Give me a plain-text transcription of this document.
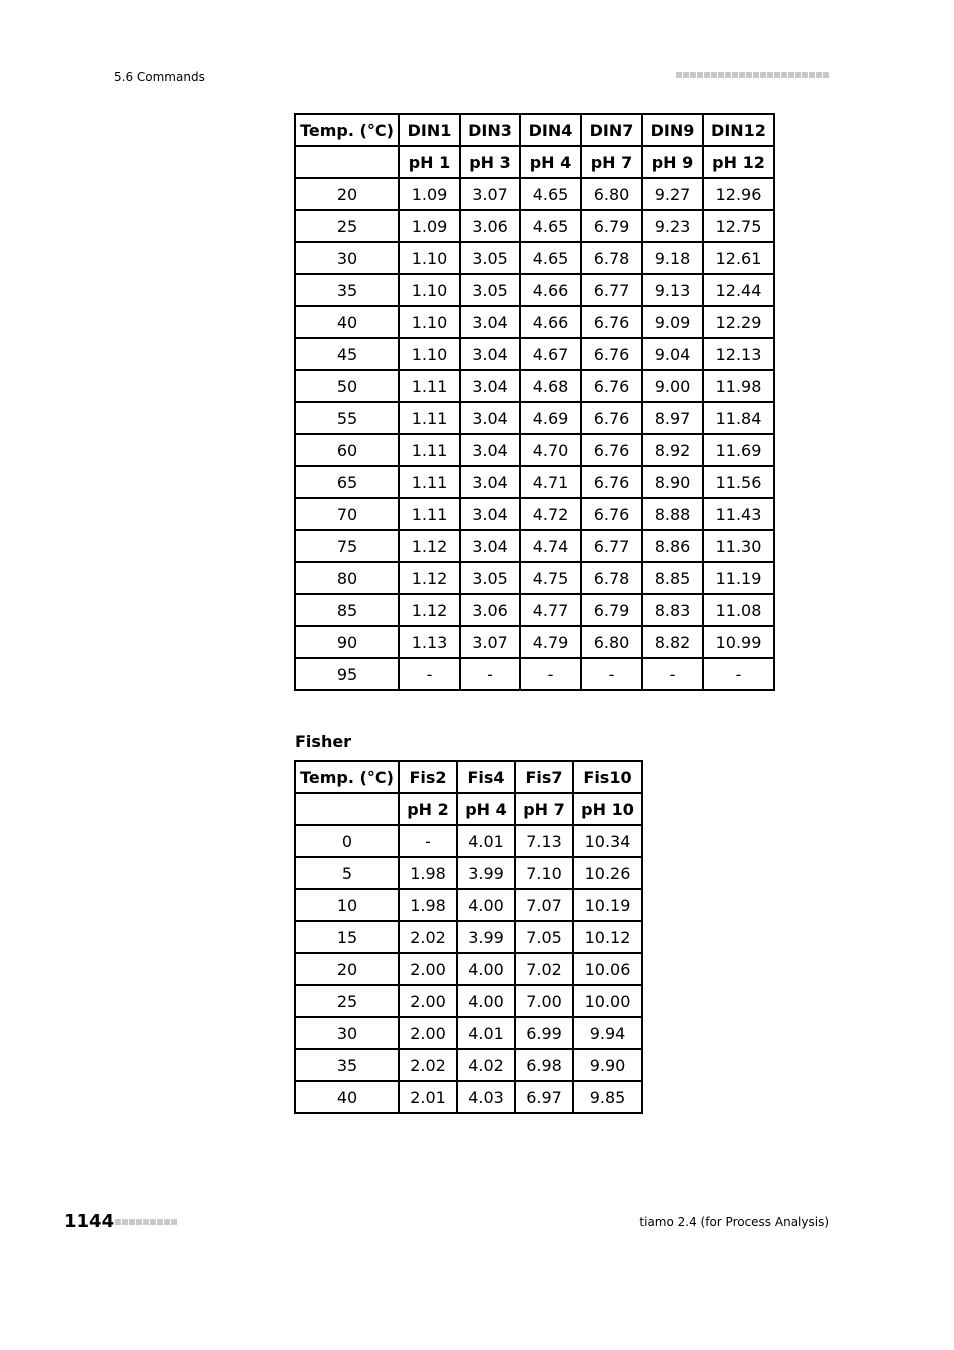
5.6 Commands
Temp. (°C)	DIN1	DIN3	DIN4	DIN7	DIN9	DIN12
	pH 1	pH 3	pH 4	pH 7	pH 9	pH 12
20	1.09	3.07	4.65	6.80	9.27	12.96
25	1.09	3.06	4.65	6.79	9.23	12.75
30	1.10	3.05	4.65	6.78	9.18	12.61
35	1.10	3.05	4.66	6.77	9.13	12.44
40	1.10	3.04	4.66	6.76	9.09	12.29
45	1.10	3.04	4.67	6.76	9.04	12.13
50	1.11	3.04	4.68	6.76	9.00	11.98
55	1.11	3.04	4.69	6.76	8.97	11.84
60	1.11	3.04	4.70	6.76	8.92	11.69
65	1.11	3.04	4.71	6.76	8.90	11.56
70	1.11	3.04	4.72	6.76	8.88	11.43
75	1.12	3.04	4.74	6.77	8.86	11.30
80	1.12	3.05	4.75	6.78	8.85	11.19
85	1.12	3.06	4.77	6.79	8.83	11.08
90	1.13	3.07	4.79	6.80	8.82	10.99
95	-	-	-	-	-	-
Fisher
Temp. (°C)	Fis2	Fis4	Fis7	Fis10
	pH 2	pH 4	pH 7	pH 10
0	-	4.01	7.13	10.34
5	1.98	3.99	7.10	10.26
10	1.98	4.00	7.07	10.19
15	2.02	3.99	7.05	10.12
20	2.00	4.00	7.02	10.06
25	2.00	4.00	7.00	10.00
30	2.00	4.01	6.99	9.94
35	2.02	4.02	6.98	9.90
40	2.01	4.03	6.97	9.85
1144	tiamo 2.4 (for Process Analysis)
